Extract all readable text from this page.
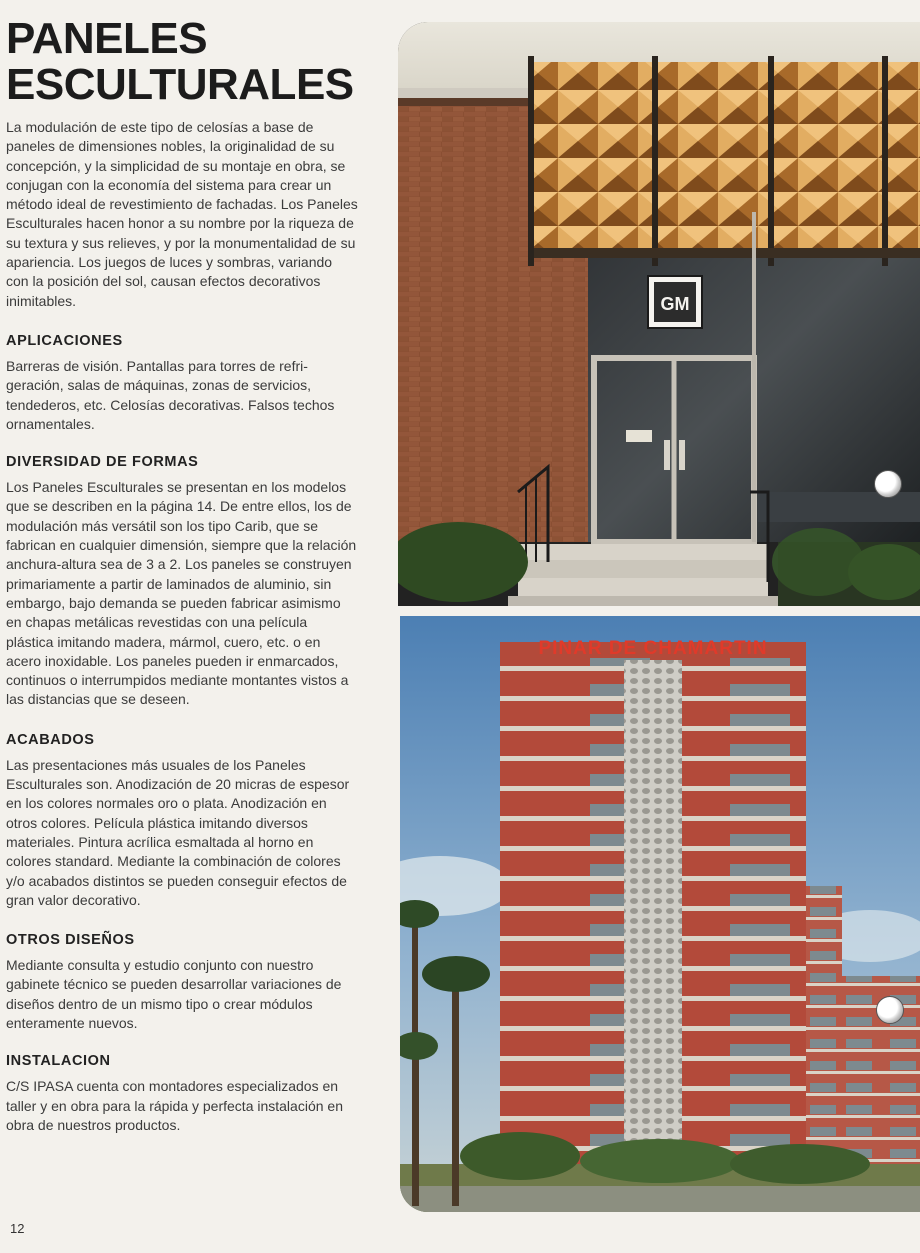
PANELES
ESCULTURALES

La modulación de este tipo de celosías a base de paneles de dimensiones nobles, la originalidad de su concepción, y la simplicidad de su montaje en obra, se conjugan con la economía del sistema para crear un método ideal de revestimiento de fachadas. Los Paneles Esculturales hacen honor a su nombre por la riqueza de su textura y sus relieves, y por la monumentalidad de su apariencia. Los juegos de luces y sombras, variando con la posición del sol, causan efectos decorativos inimitables.

APLICACIONES

Barreras de visión. Pantallas para torres de refri-geración, salas de máquinas, zonas de servicios, tendederos, etc. Celosías decorativas. Falsos techos ornamentales.

DIVERSIDAD DE FORMAS

Los Paneles Esculturales se presentan en los modelos que se describen en la página 14. De entre ellos, los de modulación más versátil son los tipo Carib, que se fabrican en cualquier dimensión, siempre que la relación anchura-altura sea de 3 a 2. Los paneles se construyen primariamente a partir de laminados de aluminio, sin embargo, bajo demanda se pueden fabricar asimismo en chapas metálicas revestidas con una película plástica imitando madera, mármol, cuero, etc. o en acero inoxidable. Los paneles pueden ir enmarcados, continuos o interrumpidos mediante montantes vistos a las distancias que se deseen.

ACABADOS

Las presentaciones más usuales de los Paneles Esculturales son. Anodización de 20 micras de espesor en los colores normales oro o plata. Anodización en otros colores. Película plástica imitando diversos materiales. Pintura acrílica esmaltada al horno en colores standard. Mediante la combinación de colores y/o acabados distintos se pueden conseguir efectos de gran valor decorativo.

OTROS DISEÑOS

Mediante consulta y estudio conjunto con nuestro gabinete técnico se pueden desarrollar variaciones de diseños dentro de un mismo tipo o crear módulos enteramente nuevos.

INSTALACION

C/S IPASA cuenta con montadores especializados en taller y en obra para la rápida y perfecta instalación en obra de nuestros productos.

12
GM
PINAR DE CHAMARTIN
